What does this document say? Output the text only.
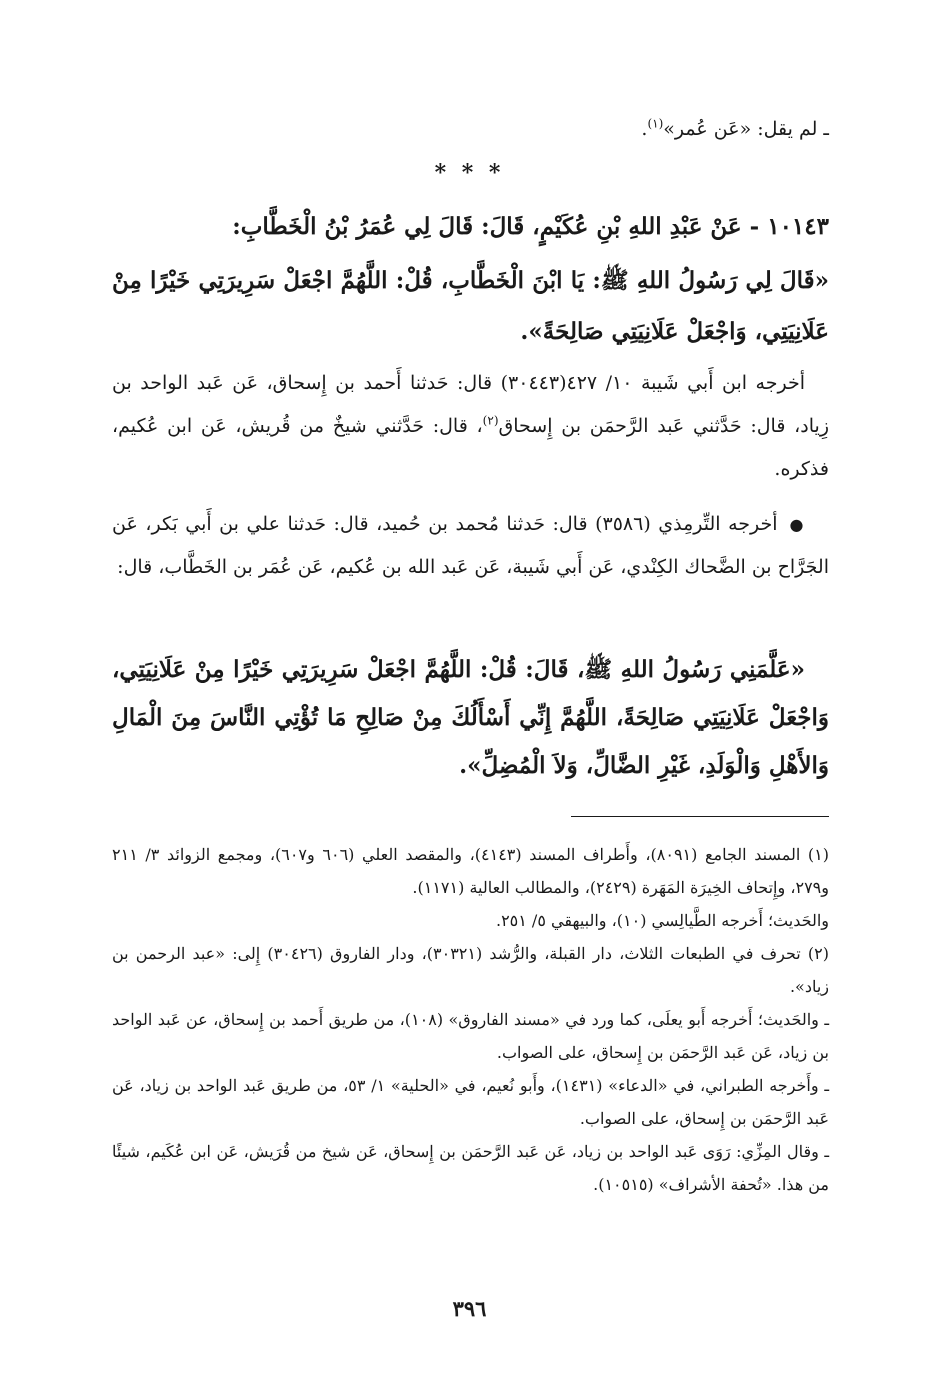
ـ لم يقل: «عَن عُمر»$^{(١)}$.
* * *
١٠١٤٣ - عَنْ عَبْدِ اللهِ بْنِ عُكَيْمٍ، قَالَ: قَالَ لِي عُمَرُ بْنُ الْخَطَّابِ:
«قَالَ لِي رَسُولُ اللهِ ﷺ: يَا ابْنَ الْخَطَّابِ، قُلْ: اللَّهُمَّ اجْعَلْ سَرِيرَتِي خَيْرًا مِنْ عَلَانِيَتِي، وَاجْعَلْ عَلَانِيَتِي صَالِحَةً».
أخرجه ابن أَبي شَيبة ١٠/ ٤٢٧(٣٠٤٤٣) قال: حَدثنا أَحمد بن إِسحاق، عَن عَبد الواحد بن زِياد، قال: حَدَّثني عَبد الرَّحمَن بن إِسحاق$^{(٢)}$، قال: حَدَّثني شيخٌ من قُريش، عَن ابن عُكيم، فذكره.
●أخرجه التِّرمِذي (٣٥٨٦) قال: حَدثنا مُحمد بن حُميد، قال: حَدثنا علي بن أَبي بَكر، عَن الجَرَّاح بن الضَّحاك الكِنْدي، عَن أَبي شَيبة، عَن عَبد الله بن عُكيم، عَن عُمَر بن الخَطَّاب، قال:
«عَلَّمَنِي رَسُولُ اللهِ ﷺ، قَالَ: قُلْ: اللَّهُمَّ اجْعَلْ سَرِيرَتِي خَيْرًا مِنْ عَلَانِيَتِي، وَاجْعَلْ عَلَانِيَتِي صَالِحَةً، اللَّهُمَّ إِنِّي أَسْأَلُكَ مِنْ صَالِحِ مَا تُؤْتِي النَّاسَ مِنَ الْمَالِ وَالأَهْلِ وَالْوَلَدِ، غَيْرِ الضَّالِّ، وَلاَ الْمُضِلِّ».

(١) المسند الجامع (٨٠٩١)، وأَطراف المسند (٤١٤٣)، والمقصد العلي (٦٠٦ و٦٠٧)، ومجمع الزوائد ٣/ ٢١١ و٢٧٩، وإِتحاف الخِيرَة المَهَرة (٢٤٢٩)، والمطالب العالية (١١٧١).

والحَديث؛ أَخرجه الطَّيالِسي (١٠)، والبيهقي ٥/ ٢٥١.

(٢) تحرف في الطبعات الثلاث، دار القبلة، والرُّشد (٣٠٣٢١)، ودار الفاروق (٣٠٤٢٦) إِلى: «عبد الرحمن بن زياد».

ـ والحَديث؛ أَخرجه أَبو يعلَى، كما ورد في «مسند الفاروق» (١٠٨)، من طريق أَحمد بن إِسحاق، عن عَبد الواحد بن زياد، عَن عَبد الرَّحمَن بن إِسحاق، على الصواب.

ـ وأَخرجه الطبراني، في «الدعاء» (١٤٣١)، وأَبو نُعيم، في «الحلية» ١/ ٥٣، من طريق عَبد الواحد بن زياد، عَن عَبد الرَّحمَن بن إِسحاق، على الصواب.

ـ وقال المِزِّي: رَوَى عَبد الواحد بن زياد، عَن عَبد الرَّحمَن بن إِسحاق، عَن شيخ من قُرَيش، عَن ابن عُكَيم، شيئًا من هذا. «تُحفة الأشراف» (١٠٥١٥).

٣٩٦
